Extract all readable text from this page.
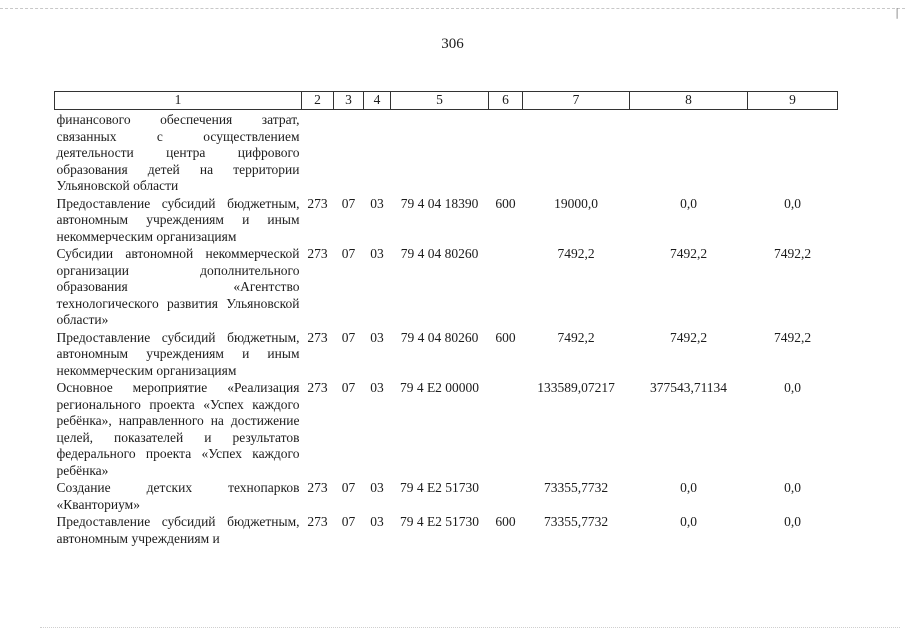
|
306
1	2	3	4	5	6	7	8	9
финансового обеспечения затрат, связанных с осуществлением деятельности центра цифрового образования детей на территории Ульяновской области								
Предоставление субсидий бюджетным, автономным учреждениям и иным некоммерческим организациям	273	07	03	79 4 04 18390	600	19000,0	0,0	0,0
Субсидии автономной некоммерческой организации дополнительного образования «Агентство технологического развития Ульяновской области»	273	07	03	79 4 04 80260		7492,2	7492,2	7492,2
Предоставление субсидий бюджетным, автономным учреждениям и иным некоммерческим организациям	273	07	03	79 4 04 80260	600	7492,2	7492,2	7492,2
Основное мероприятие «Реализация регионального проекта «Успех каждого ребёнка», направленного на достижение целей, показателей и результатов федерального проекта «Успех каждого ребёнка»	273	07	03	79 4 E2 00000		133589,07217	377543,71134	0,0
Создание детских технопарков «Кванториум»	273	07	03	79 4 E2 51730		73355,7732	0,0	0,0
Предоставление субсидий бюджетным, автономным учреждениям и	273	07	03	79 4 E2 51730	600	73355,7732	0,0	0,0
